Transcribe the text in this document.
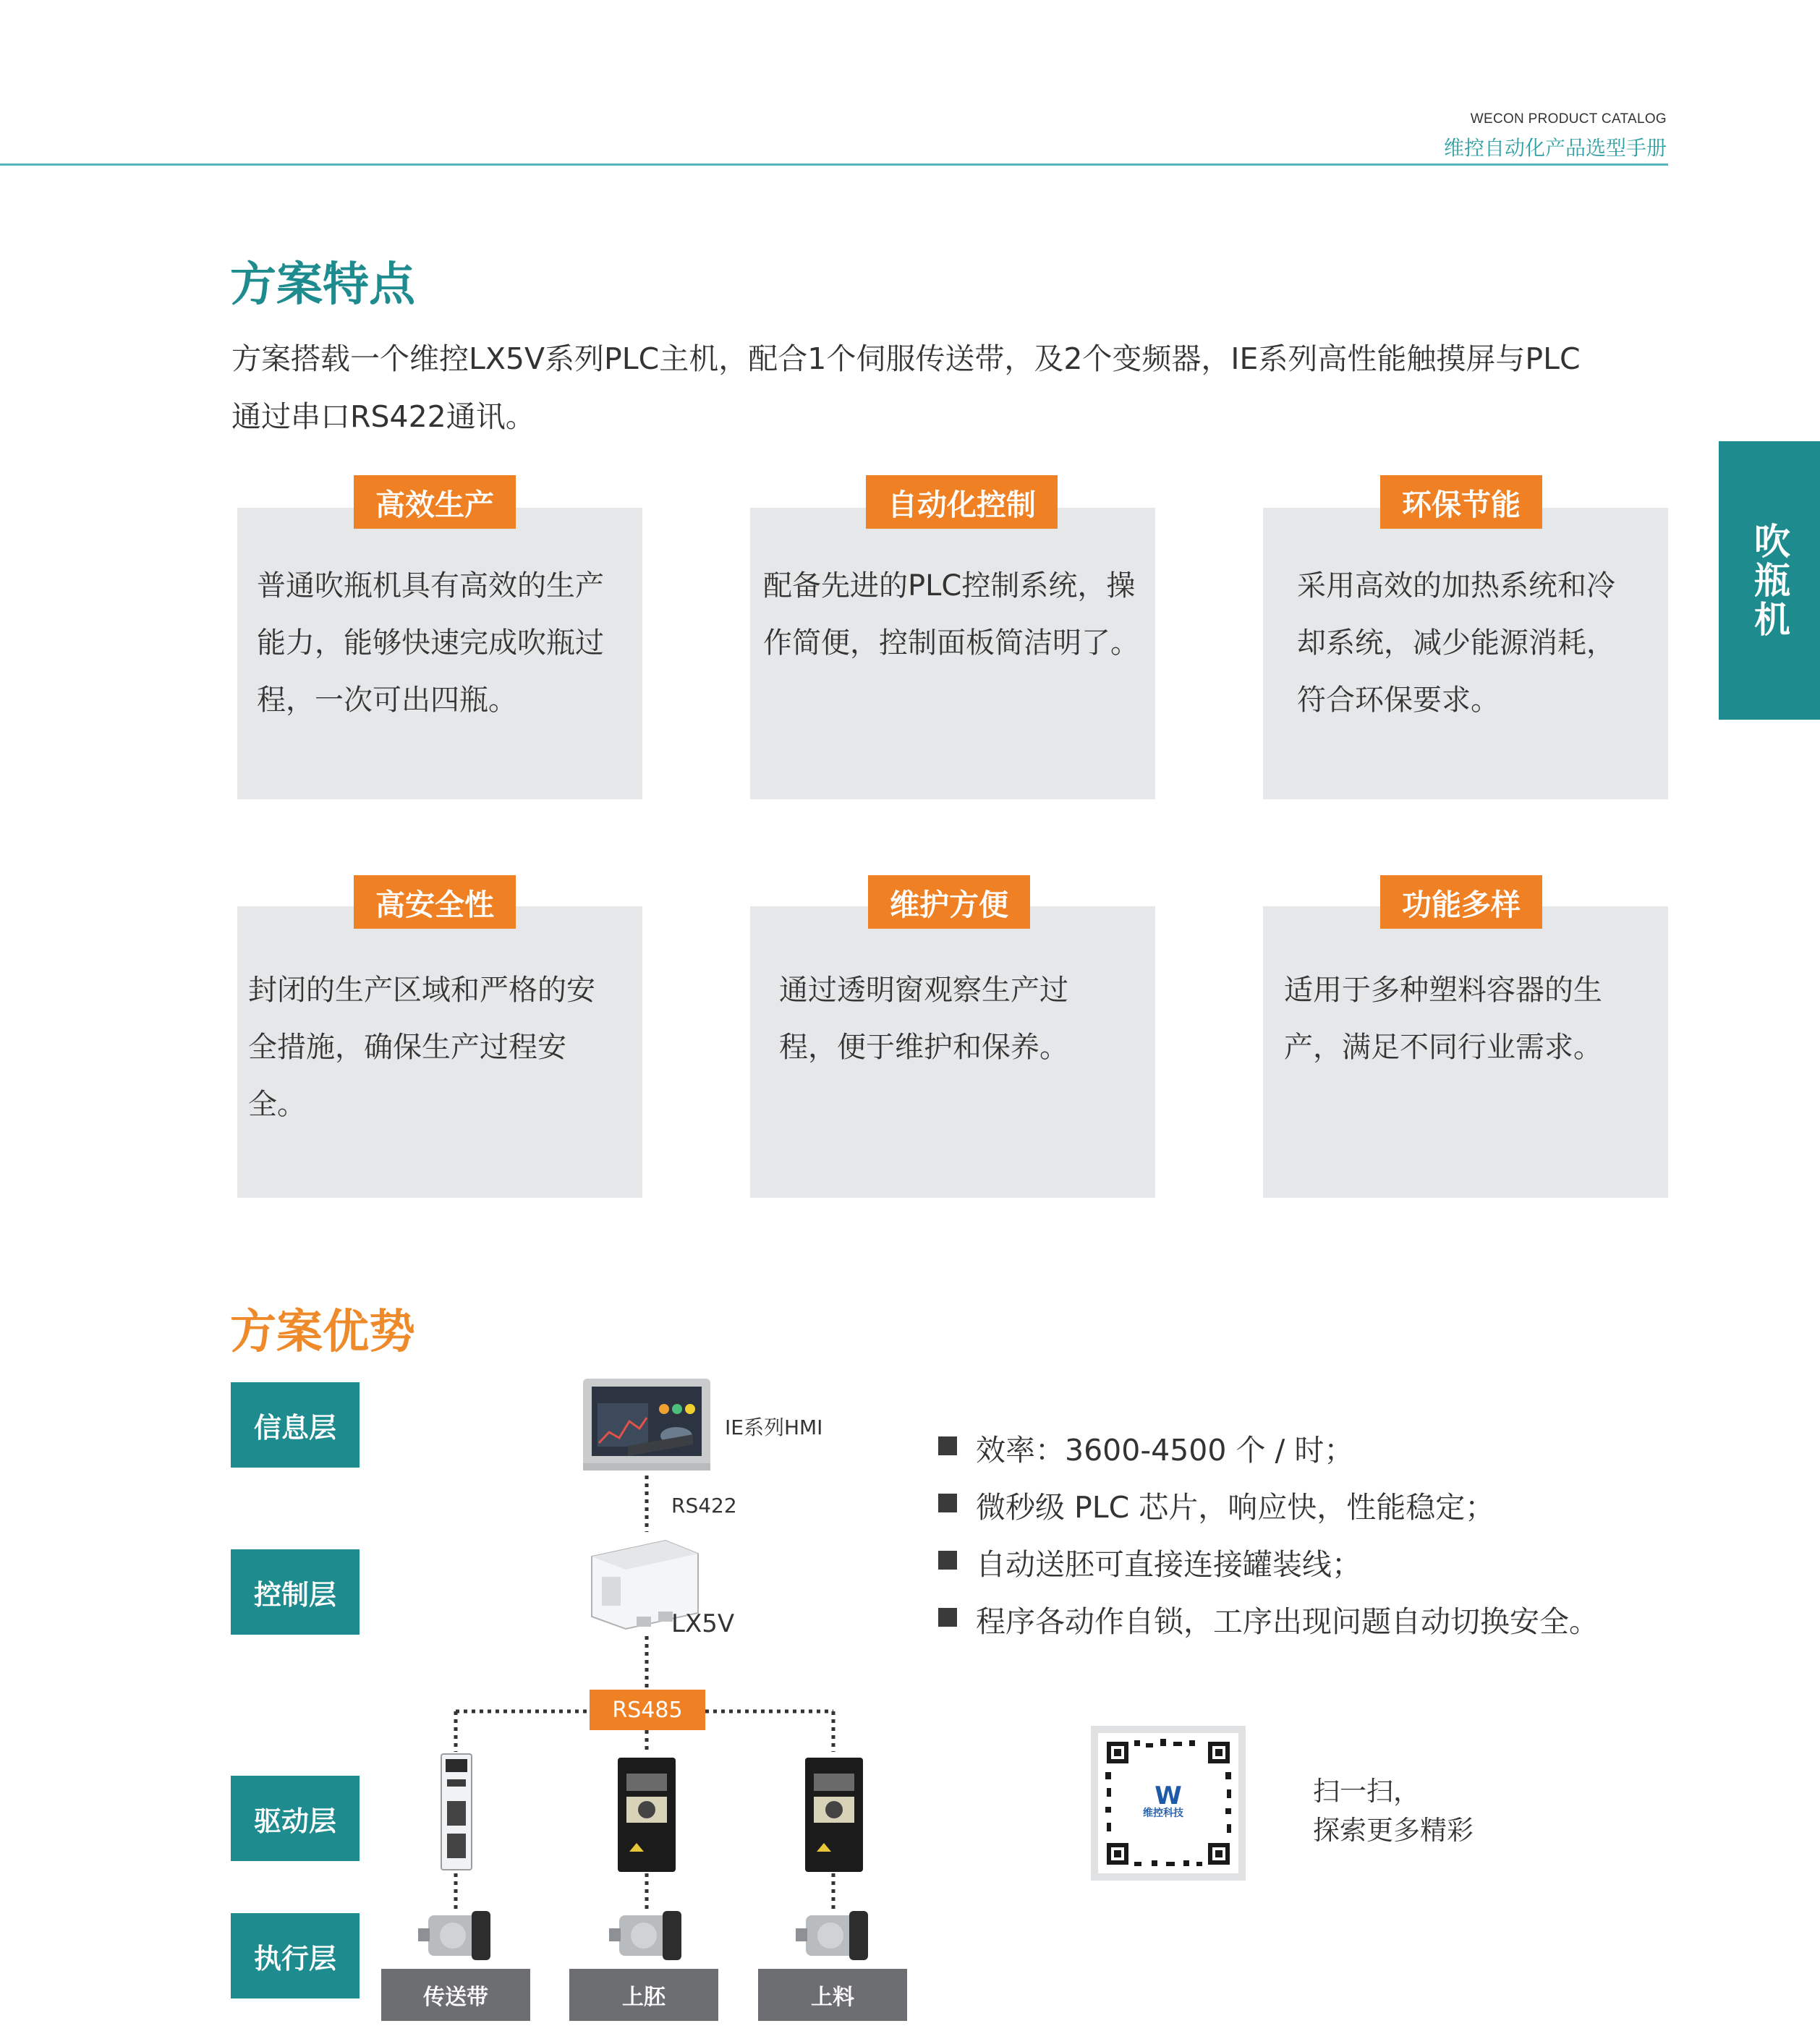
WECON PRODUCT CATALOG
维控自动化产品选型手册
吹瓶机
方案特点
方案搭载一个维控LX5V系列PLC主机，配合1个伺服传送带，及2个变频器，IE系列高性能触摸屏与PLC通过串口RS422通讯。
高效生产
普通吹瓶机具有高效的生产能力，能够快速完成吹瓶过程，一次可出四瓶。
自动化控制
配备先进的PLC控制系统，操作简便，控制面板简洁明了。
环保节能
采用高效的加热系统和冷却系统，减少能源消耗，符合环保要求。
高安全性
封闭的生产区域和严格的安全措施，确保生产过程安全。
维护方便
通过透明窗观察生产过程，便于维护和保养。
功能多样
适用于多种塑料容器的生产，满足不同行业需求。
方案优势
信息层
控制层
驱动层
执行层
IE系列HMI
RS422
LX5V
RS485
传送带	上胚	上料
效率：3600-4500 个 / 时；
微秒级 PLC 芯片，响应快，性能稳定；
自动送胚可直接连接罐装线；
程序各动作自锁，工序出现问题自动切换安全。
W
维控科技
扫一扫，
探索更多精彩
